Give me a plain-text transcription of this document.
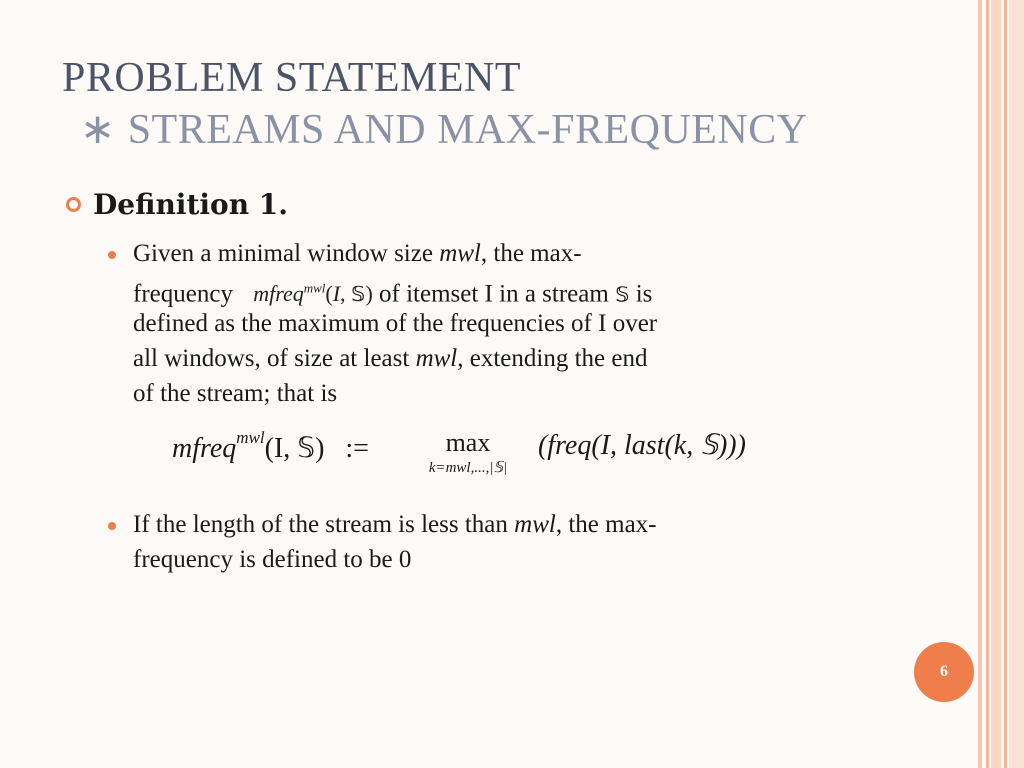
PROBLEM STATEMENT
∗ STREAMS AND MAX-FREQUENCY
Definition 1.
Given a minimal window size mwl, the max-
frequency mfreq$^{mwl}$(I, 𝕊) of itemset I in a stream 𝕊 is
defined as the maximum of the frequencies of I over
all windows, of size at least mwl, extending the end
of the stream; that is
mfreq$^{mwl}$(I, 𝕊) :=	max
k=mwl,...,|𝕊|
(freq(I, last(k, 𝕊)))
If the length of the stream is less than mwl, the max-
frequency is defined to be 0
6
